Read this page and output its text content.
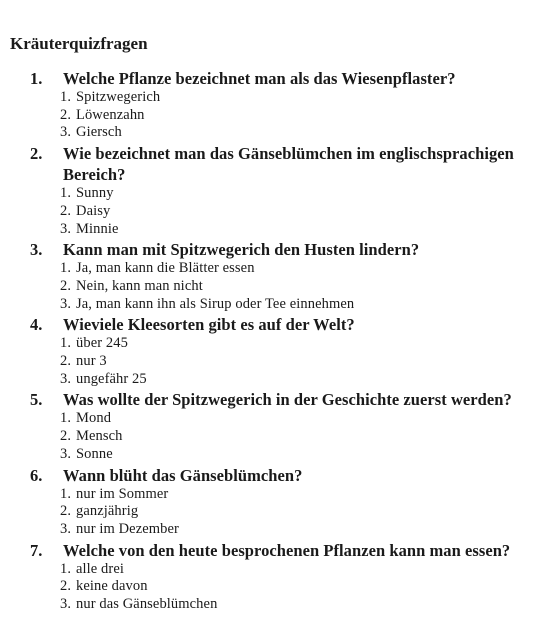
Kräuterquizfragen
1. Welche Pflanze bezeichnet man als das Wiesenpflaster?
1. Spitzwegerich
2. Löwenzahn
3. Giersch
2. Wie bezeichnet man das Gänseblümchen im englischsprachigen Bereich?
1. Sunny
2. Daisy
3. Minnie
3. Kann man mit Spitzwegerich den Husten lindern?
1. Ja, man kann die Blätter essen
2. Nein, kann man nicht
3. Ja, man kann ihn als Sirup oder Tee einnehmen
4. Wieviele Kleesorten gibt es auf der Welt?
1. über 245
2. nur 3
3. ungefähr 25
5. Was wollte der Spitzwegerich in der Geschichte zuerst werden?
1. Mond
2. Mensch
3. Sonne
6. Wann blüht das Gänseblümchen?
1. nur im Sommer
2. ganzjährig
3. nur im Dezember
7. Welche von den heute besprochenen Pflanzen kann man essen?
1. alle drei
2. keine davon
3. nur das Gänseblümchen
